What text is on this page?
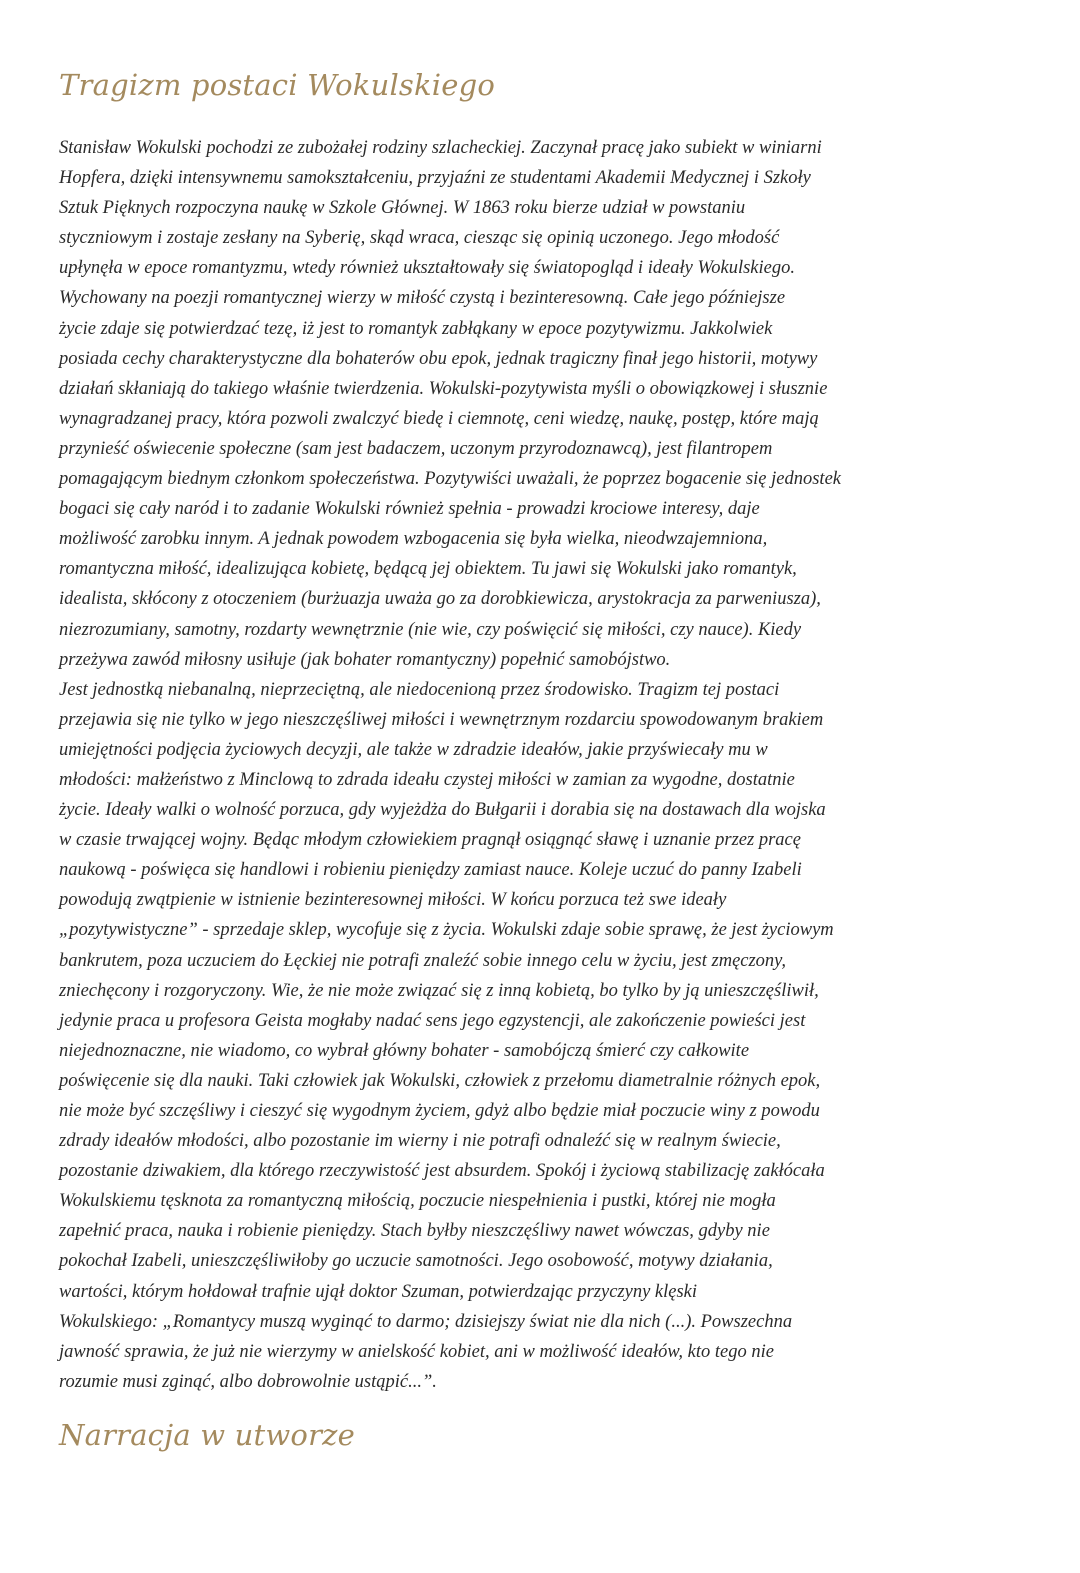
Tragizm postaci Wokulskiego
Stanisław Wokulski pochodzi ze zubożałej rodziny szlacheckiej. Zaczynał pracę jako subiekt w winiarni
Hopfera, dzięki intensywnemu samokształceniu, przyjaźni ze studentami Akademii Medycznej i Szkoły
Sztuk Pięknych rozpoczyna naukę w Szkole Głównej. W 1863 roku bierze udział w powstaniu
styczniowym i zostaje zesłany na Syberię, skąd wraca, ciesząc się opinią uczonego. Jego młodość
upłynęła w epoce romantyzmu, wtedy również ukształtowały się światopogląd i ideały Wokulskiego.
Wychowany na poezji romantycznej wierzy w miłość czystą i bezinteresowną. Całe jego późniejsze
życie zdaje się potwierdzać tezę, iż jest to romantyk zabłąkany w epoce pozytywizmu. Jakkolwiek
posiada cechy charakterystyczne dla bohaterów obu epok, jednak tragiczny finał jego historii, motywy
działań skłaniają do takiego właśnie twierdzenia. Wokulski-pozytywista myśli o obowiązkowej i słusznie
wynagradzanej pracy, która pozwoli zwalczyć biedę i ciemnotę, ceni wiedzę, naukę, postęp, które mają
przynieść oświecenie społeczne (sam jest badaczem, uczonym przyrodoznawcą), jest filantropem
pomagającym biednym członkom społeczeństwa. Pozytywiści uważali, że poprzez bogacenie się jednostek
bogaci się cały naród i to zadanie Wokulski również spełnia - prowadzi krociowe interesy, daje
możliwość zarobku innym. A jednak powodem wzbogacenia się była wielka, nieodwzajemniona,
romantyczna miłość, idealizująca kobietę, będącą jej obiektem. Tu jawi się Wokulski jako romantyk,
idealista, skłócony z otoczeniem (burżuazja uważa go za dorobkiewicza, arystokracja za parweniusza),
niezrozumiany, samotny, rozdarty wewnętrznie (nie wie, czy poświęcić się miłości, czy nauce). Kiedy
przeżywa zawód miłosny usiłuje (jak bohater romantyczny) popełnić samobójstwo.
Jest jednostką niebanalną, nieprzeciętną, ale niedocenioną przez środowisko. Tragizm tej postaci
przejawia się nie tylko w jego nieszczęśliwej miłości i wewnętrznym rozdarciu spowodowanym brakiem
umiejętności podjęcia życiowych decyzji, ale także w zdradzie ideałów, jakie przyświecały mu w
młodości: małżeństwo z Minclową to zdrada ideału czystej miłości w zamian za wygodne, dostatnie
życie. Ideały walki o wolność porzuca, gdy wyjeżdża do Bułgarii i dorabia się na dostawach dla wojska
w czasie trwającej wojny. Będąc młodym człowiekiem pragnął osiągnąć sławę i uznanie przez pracę
naukową - poświęca się handlowi i robieniu pieniędzy zamiast nauce. Koleje uczuć do panny Izabeli
powodują zwątpienie w istnienie bezinteresownej miłości. W końcu porzuca też swe ideały
„pozytywistyczne” - sprzedaje sklep, wycofuje się z życia. Wokulski zdaje sobie sprawę, że jest życiowym
bankrutem, poza uczuciem do Łęckiej nie potrafi znaleźć sobie innego celu w życiu, jest zmęczony,
zniechęcony i rozgoryczony. Wie, że nie może związać się z inną kobietą, bo tylko by ją unieszczęśliwił,
jedynie praca u profesora Geista mogłaby nadać sens jego egzystencji, ale zakończenie powieści jest
niejednoznaczne, nie wiadomo, co wybrał główny bohater - samobójczą śmierć czy całkowite
poświęcenie się dla nauki. Taki człowiek jak Wokulski, człowiek z przełomu diametralnie różnych epok,
nie może być szczęśliwy i cieszyć się wygodnym życiem, gdyż albo będzie miał poczucie winy z powodu
zdrady ideałów młodości, albo pozostanie im wierny i nie potrafi odnaleźć się w realnym świecie,
pozostanie dziwakiem, dla którego rzeczywistość jest absurdem. Spokój i życiową stabilizację zakłócała
Wokulskiemu tęsknota za romantyczną miłością, poczucie niespełnienia i pustki, której nie mogła
zapełnić praca, nauka i robienie pieniędzy. Stach byłby nieszczęśliwy nawet wówczas, gdyby nie
pokochał Izabeli, unieszczęśliwiłoby go uczucie samotności. Jego osobowość, motywy działania,
wartości, którym hołdował trafnie ujął doktor Szuman, potwierdzając przyczyny klęski
Wokulskiego: „Romantycy muszą wyginąć to darmo; dzisiejszy świat nie dla nich (...). Powszechna
jawność sprawia, że już nie wierzymy w anielskość kobiet, ani w możliwość ideałów, kto tego nie
rozumie musi zginąć, albo dobrowolnie ustąpić...”.
Narracja w utworze
